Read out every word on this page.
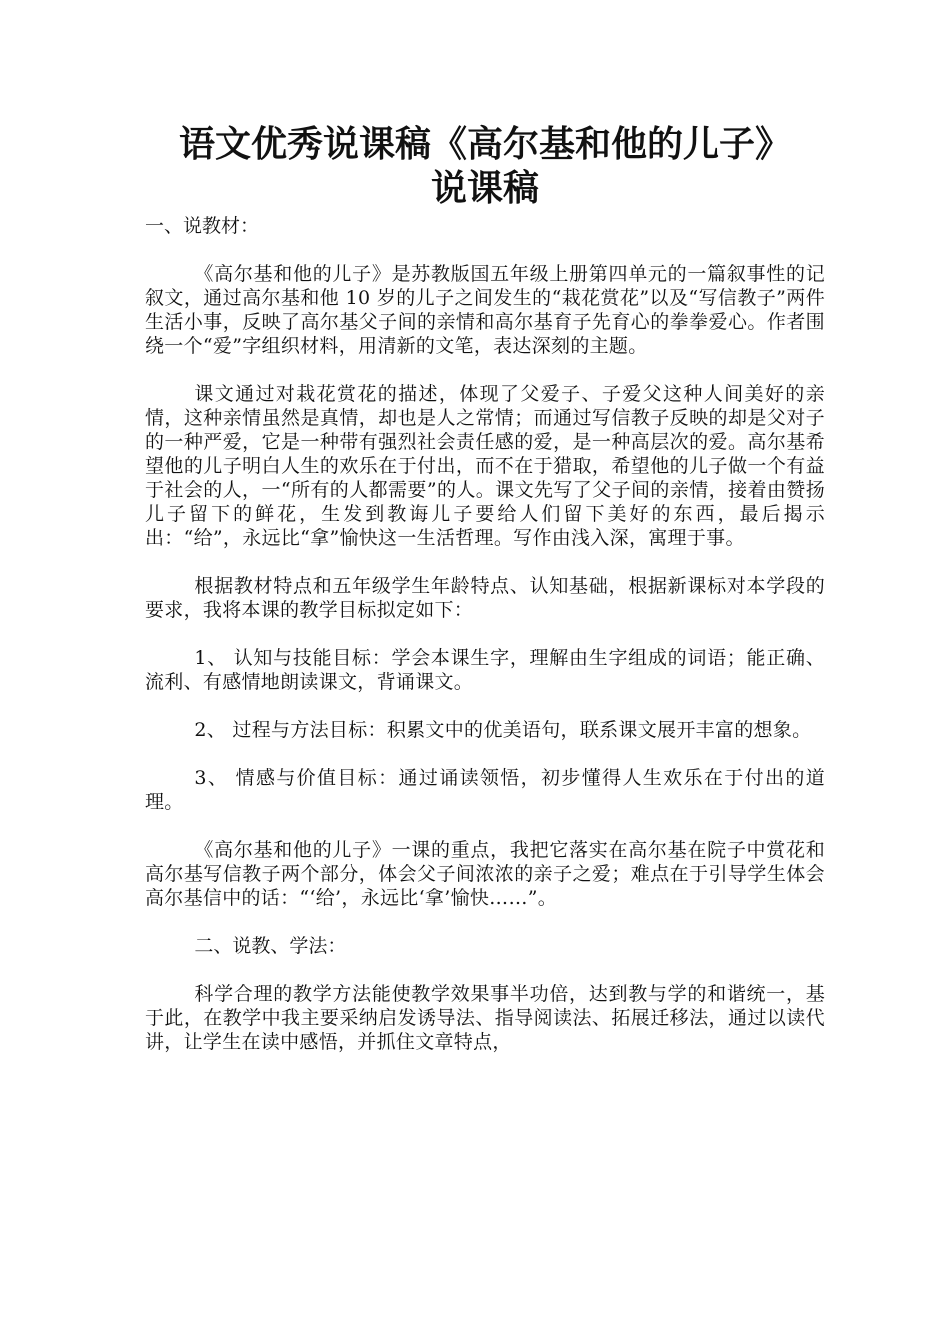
语文优秀说课稿《高尔基和他的儿子》
说课稿

一、说教材：

《高尔基和他的儿子》是苏教版国五年级上册第四单元的一篇叙事性的记叙文，通过高尔基和他 10 岁的儿子之间发生的“栽花赏花”以及“写信教子”两件生活小事，反映了高尔基父子间的亲情和高尔基育子先育心的拳拳爱心。作者围绕一个“爱”字组织材料，用清新的文笔，表达深刻的主题。

课文通过对栽花赏花的描述，体现了父爱子、子爱父这种人间美好的亲情，这种亲情虽然是真情，却也是人之常情；而通过写信教子反映的却是父对子的一种严爱，它是一种带有强烈社会责任感的爱，是一种高层次的爱。高尔基希望他的儿子明白人生的欢乐在于付出，而不在于猎取，希望他的儿子做一个有益于社会的人，一“所有的人都需要”的人。课文先写了父子间的亲情，接着由赞扬儿子留下的鲜花，生发到教诲儿子要给人们留下美好的东西，最后揭示出：“给”，永远比“拿”愉快这一生活哲理。写作由浅入深，寓理于事。

根据教材特点和五年级学生年龄特点、认知基础，根据新课标对本学段的要求，我将本课的教学目标拟定如下：

1、 认知与技能目标：学会本课生字，理解由生字组成的词语；能正确、流利、有感情地朗读课文，背诵课文。

2、 过程与方法目标：积累文中的优美语句，联系课文展开丰富的想象。

3、 情感与价值目标：通过诵读领悟，初步懂得人生欢乐在于付出的道理。

《高尔基和他的儿子》一课的重点，我把它落实在高尔基在院子中赏花和高尔基写信教子两个部分，体会父子间浓浓的亲子之爱；难点在于引导学生体会高尔基信中的话：“‘给’，永远比‘拿’愉快……”。

二、说教、学法：

科学合理的教学方法能使教学效果事半功倍，达到教与学的和谐统一，基于此，在教学中我主要采纳启发诱导法、指导阅读法、拓展迁移法，通过以读代讲，让学生在读中感悟，并抓住文章特点，
